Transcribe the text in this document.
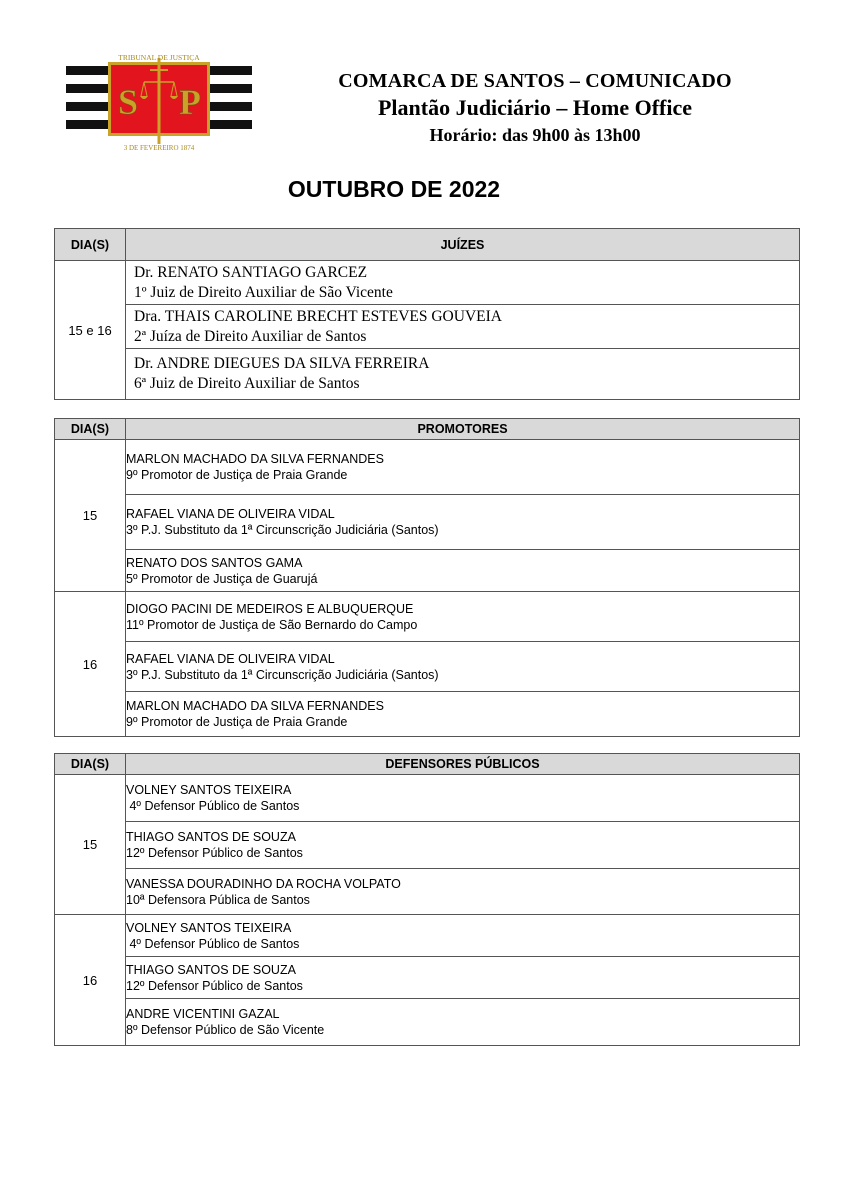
S P
TRIBUNAL DE JUSTIÇA
3 DE FEVEREIRO 1874
COMARCA DE SANTOS – COMUNICADO
Plantão Judiciário – Home Office
Horário: das 9h00 às 13h00
OUTUBRO DE 2022
DIA(S)	JUÍZES
15 e 16	Dr. RENATO SANTIAGO GARCEZ
1º Juiz de Direito Auxiliar de São Vicente

	Dra. THAIS CAROLINE BRECHT ESTEVES GOUVEIA
2ª Juíza de Direito Auxiliar de Santos

	Dr. ANDRE DIEGUES DA SILVA FERREIRA
6ª Juiz de Direito Auxiliar de Santos
DIA(S)	PROMOTORES
15	MARLON MACHADO DA SILVA FERNANDES
9º Promotor de Justiça de Praia Grande

	RAFAEL VIANA DE OLIVEIRA VIDAL
3º P.J. Substituto da 1ª Circunscrição Judiciária (Santos)

	RENATO DOS SANTOS GAMA
5º Promotor de Justiça de Guarujá

16	DIOGO PACINI DE MEDEIROS E ALBUQUERQUE
11º Promotor de Justiça de São Bernardo do Campo

	RAFAEL VIANA DE OLIVEIRA VIDAL
3º P.J. Substituto da 1ª Circunscrição Judiciária (Santos)

	MARLON MACHADO DA SILVA FERNANDES
9º Promotor de Justiça de Praia Grande
DIA(S)	DEFENSORES PÚBLICOS
15	VOLNEY SANTOS TEIXEIRA
4º Defensor Público de Santos

	THIAGO SANTOS DE SOUZA
12º Defensor Público de Santos

	VANESSA DOURADINHO DA ROCHA VOLPATO
10ª Defensora Pública de Santos

16	VOLNEY SANTOS TEIXEIRA
4º Defensor Público de Santos

	THIAGO SANTOS DE SOUZA
12º Defensor Público de Santos

	ANDRE VICENTINI GAZAL
8º Defensor Público de São Vicente
